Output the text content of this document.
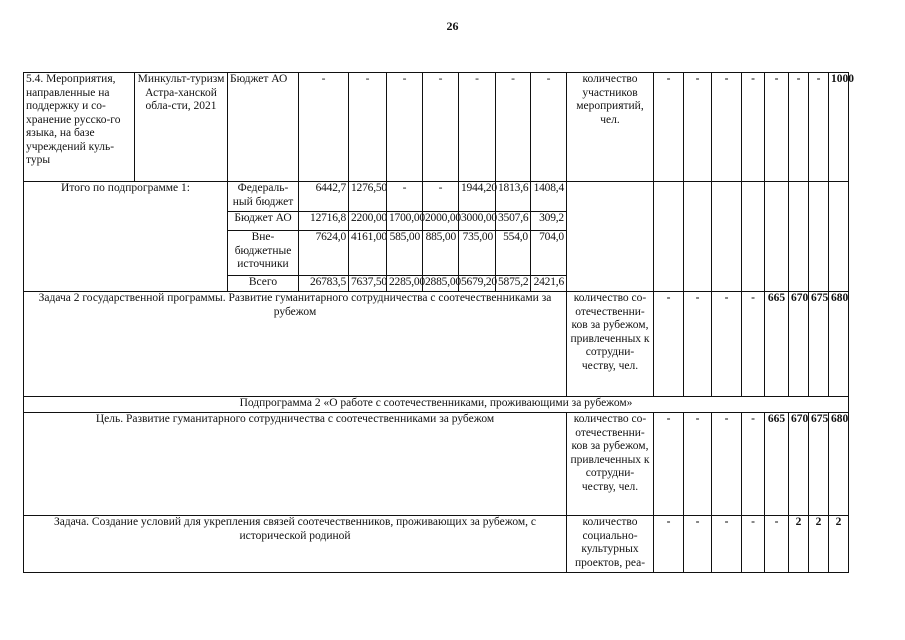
26
5.4. Мероприятия, направленные на поддержку и со-хранение русско-го языка, на базе учреждений куль-туры	Минкульт-туризм Астра-ханской обла-сти, 2021	Бюджет АО	-	-	-	-	-	-	-	количество участников мероприятий, чел.	-	-	-	-	-	-	-	1000
Итого по подпрограмме 1:		Федераль-ный бюджет	6442,7	1276,50	-	-	1944,20	1813,6	1408,4									
		Бюджет АО	12716,8	2200,00	1700,00	2000,00	3000,00	3507,6	309,2									
		Вне-бюджетные источники	7624,0	4161,00	585,00	885,00	735,00	554,0	704,0									
		Всего	26783,5	7637,50	2285,00	2885,00	5679,20	5875,2	2421,6									
Задача 2 государственной программы. Развитие гуманитарного сотрудничества с соотечественниками за рубежом										количество со-отечественни-ков за рубежом, привлеченных к сотрудни-честву, чел.	-	-	-	-	665	670	675	680
Подпрограмма 2 «О работе с соотечественниками, проживающими за рубежом»																		
Цель. Развитие гуманитарного сотрудничества с соотечественниками за рубежом										количество со-отечественни-ков за рубежом, привлеченных к сотрудни-честву, чел.	-	-	-	-	665	670	675	680
Задача. Создание условий для укрепления связей соотечественников, проживающих за рубежом, с исторической родиной										количество социально-культурных проектов, реа-	-	-	-	-	-	2	2	2
